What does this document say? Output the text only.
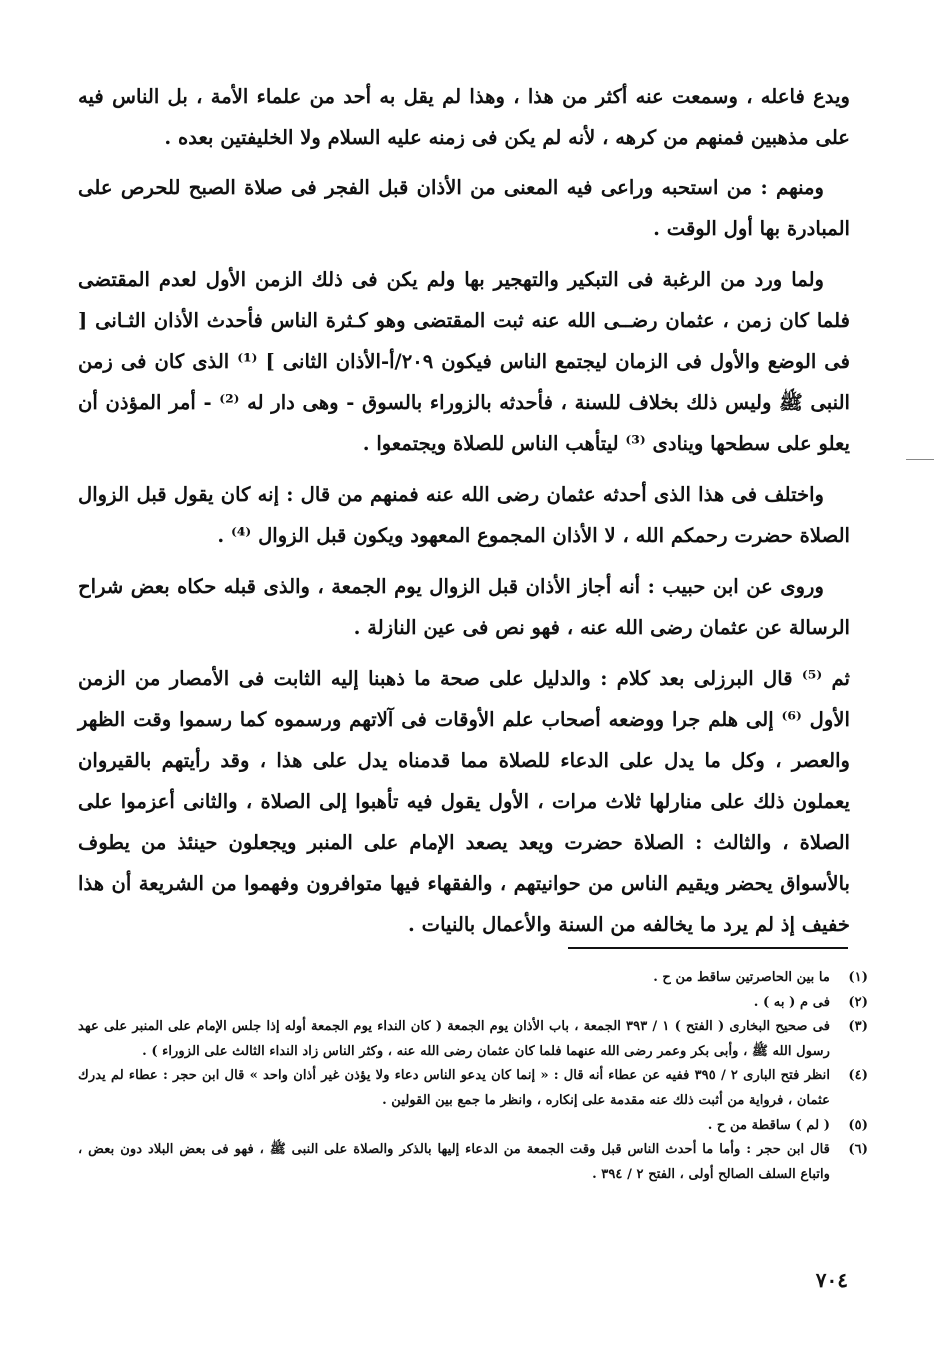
ويدع فاعله ، وسمعت عنه أكثر من هذا ، وهذا لم يقل به أحد من علماء الأمة ، بل الناس فيه على مذهبين فمنهم من كرهه ، لأنه لم يكن فى زمنه عليه السلام ولا الخليفتين بعده .

ومنهم : من استحبه وراعى فيه المعنى من الأذان قبل الفجر فى صلاة الصبح للحرص على المبادرة بها أول الوقت .

ولما ورد من الرغبة فى التبكير والتهجير بها ولم يكن فى ذلك الزمن الأول لعدم المقتضى فلما كان زمن ، عثمان رضــى الله عنه ثبت المقتضى وهو كـثرة الناس فأحدث الأذان الثـانى [ فى الوضع والأول فى الزمان ليجتمع الناس فيكون ٢٠٩/أ-الأذان الثانى ] ⁽¹⁾ الذى كان فى زمن النبى ﷺ وليس ذلك بخلاف للسنة ، فأحدثه بالزوراء بالسوق - وهى دار له ⁽²⁾ - أمر المؤذن أن يعلو على سطحها وينادى ⁽³⁾ ليتأهب الناس للصلاة ويجتمعوا .

واختلف فى هذا الذى أحدثه عثمان رضى الله عنه فمنهم من قال : إنه كان يقول قبل الزوال الصلاة حضرت رحمكم الله ، لا الأذان المجموع المعهود ويكون قبل الزوال ⁽⁴⁾ .

وروى عن ابن حبيب : أنه أجاز الأذان قبل الزوال يوم الجمعة ، والذى قبله حكاه بعض شراح الرسالة عن عثمان رضى الله عنه ، فهو نص فى عين النازلة .

ثم ⁽⁵⁾ قال البرزلى بعد كلام : والدليل على صحة ما ذهبنا إليه الثابت فى الأمصار من الزمن الأول ⁽⁶⁾ إلى هلم جرا ووضعه أصحاب علم الأوقات فى آلاتهم ورسموه كما رسموا وقت الظهر والعصر ، وكل ما يدل على الدعاء للصلاة مما قدمناه يدل على هذا ، وقد رأيتهم بالقيروان يعملون ذلك على منارلها ثلاث مرات ، الأول يقول فيه تأهبوا إلى الصلاة ، والثانى أعزموا على الصلاة ، والثالث : الصلاة حضرت ويعد يصعد الإمام على المنبر ويجعلون حينئذ من يطوف بالأسواق يحضر ويقيم الناس من حوانيتهم ، والفقهاء فيها متوافرون وفهموا من الشريعة أن هذا خفيف إذ لم يرد ما يخالفه من السنة والأعمال بالنيات .

(١)
ما بين الحاصرتين ساقط من ح .
(٢)
فى م ( به ) .
(٣)
فى صحيح البخارى ( الفتح ) ١ / ٣٩٣ الجمعة ، باب الأذان يوم الجمعة ( كان النداء يوم الجمعة أوله إذا جلس الإمام على المنبر على عهد رسول الله ﷺ ، وأبى بكر وعمر رضى الله عنهما فلما كان عثمان رضى الله عنه ، وكثر الناس زاد النداء الثالث على الزوراء ) .
(٤)
انظر فتح البارى ٢ / ٣٩٥ ففيه عن عطاء أنه قال : « إنما كان يدعو الناس دعاء ولا يؤذن غير أذان واحد » قال ابن حجر : عطاء لم يدرك عثمان ، فرواية من أثبت ذلك عنه مقدمة على إنكاره ، وانظر ما جمع بين القولين .
(٥)
( لم ) ساقطة من ح .
(٦)
قال ابن حجر : وأما ما أحدث الناس قبل وقت الجمعة من الدعاء إليها بالذكر والصلاة على النبى ﷺ ، فهو فى بعض البلاد دون بعض ، واتباع السلف الصالح أولى ، الفتح ٢ / ٣٩٤ .
٧٠٤
